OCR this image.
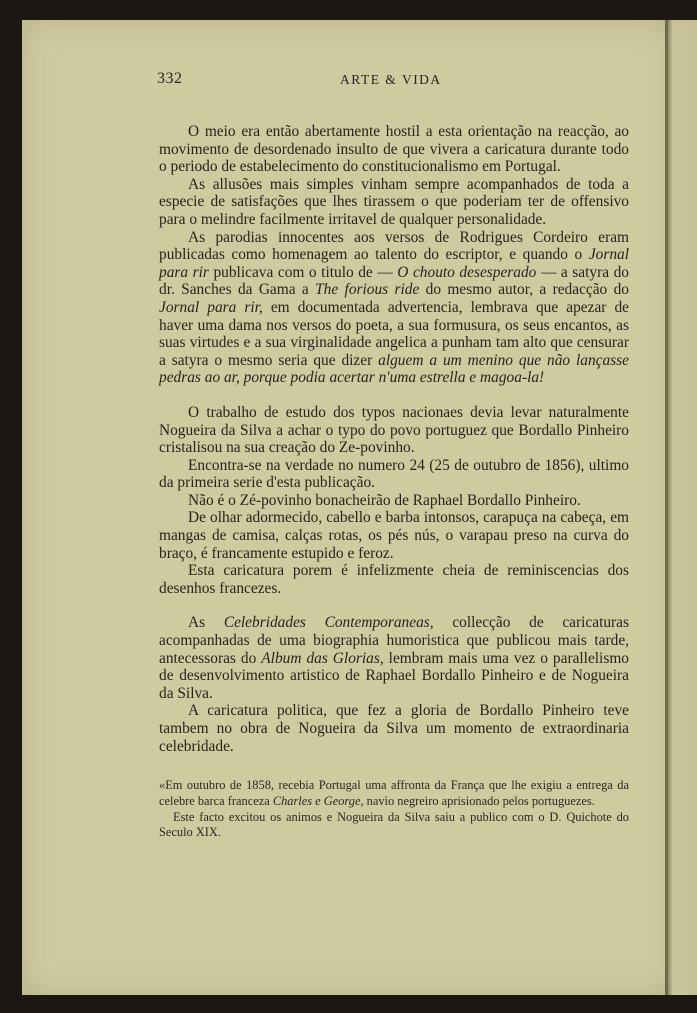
332	ARTE & VIDA

O meio era então abertamente hostil a esta orientação na reacção, ao movimento de desordenado insulto de que vivera a caricatura durante todo o periodo de estabelecimento do constitucionalismo em Portugal.

As allusões mais simples vinham sempre acompanhados de toda a especie de satisfações que lhes tirassem o que poderiam ter de offensivo para o melindre facilmente irritavel de qualquer personalidade.

As parodias innocentes aos versos de Rodrigues Cordeiro eram publicadas como homenagem ao talento do escriptor, e quando o Jornal para rir publicava com o titulo de — O chouto desesperado — a satyra do dr. Sanches da Gama a The forious ride do mesmo autor, a redacção do Jornal para rir, em documentada advertencia, lembrava que apezar de haver uma dama nos versos do poeta, a sua formusura, os seus encantos, as suas virtudes e a sua virginalidade angelica a punham tam alto que censurar a satyra o mesmo seria que dizer alguem a um menino que não lançasse pedras ao ar, porque podia acertar n'uma estrella e magoa-la!

O trabalho de estudo dos typos nacionaes devia levar naturalmente Nogueira da Silva a achar o typo do povo portuguez que Bordallo Pinheiro cristalisou na sua creação do Ze-povinho.

Encontra-se na verdade no numero 24 (25 de outubro de 1856), ultimo da primeira serie d'esta publicação.

Não é o Zé-povinho bonacheirão de Raphael Bordallo Pinheiro.

De olhar adormecido, cabello e barba intonsos, carapuça na cabeça, em mangas de camisa, calças rotas, os pés nús, o varapau preso na curva do braço, é francamente estupido e feroz.

Esta caricatura porem é infelizmente cheia de reminiscencias dos desenhos francezes.

As Celebridades Contemporaneas, collecção de caricaturas acompanhadas de uma biographia humoristica que publicou mais tarde, antecessoras do Album das Glorias, lembram mais uma vez o parallelismo de desenvolvimento artistico de Raphael Bordallo Pinheiro e de Nogueira da Silva.

A caricatura politica, que fez a gloria de Bordallo Pinheiro teve tambem no obra de Nogueira da Silva um momento de extraordinaria celebridade.

«Em outubro de 1858, recebia Portugal uma affronta da França que lhe exigiu a entrega da celebre barca franceza Charles e George, navio negreiro aprisionado pelos portuguezes.

Este facto excitou os animos e Nogueira da Silva saiu a publico com o D. Quichote do Seculo XIX.
